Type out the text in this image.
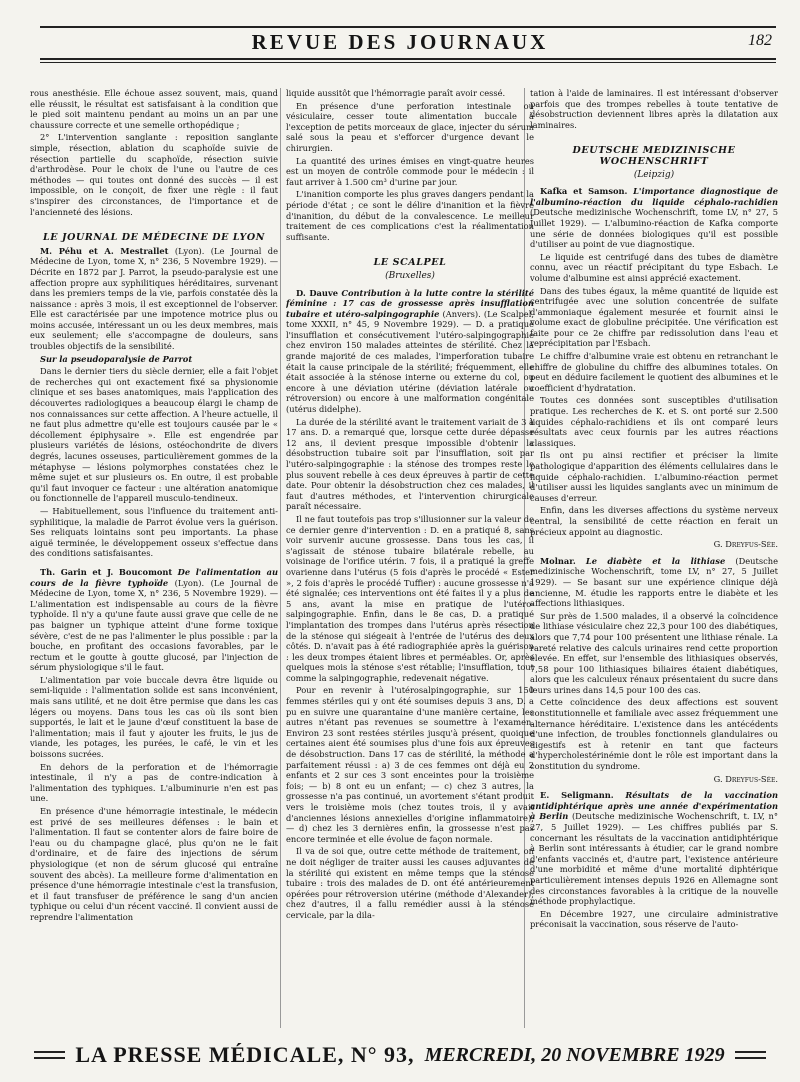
REVUE DES JOURNAUX	182

rous anesthésie. Elle échoue assez souvent, mais, quand elle réussit, le résultat est satisfaisant à la condition que le pied soit maintenu pendant au moins un an par une chaussure correcte et une semelle orthopédique ;

2° L'intervention sanglante : reposition sanglante simple, résection, ablation du scaphoïde suivie de résection partielle du scaphoïde, résection suivie d'arthrodèse. Pour le choix de l'une ou l'autre de ces méthodes — qui toutes ont donné des succès — il est impossible, on le conçoit, de fixer une règle : il faut s'inspirer des circonstances, de l'importance et de l'ancienneté des lésions.

LE JOURNAL DE MÉDECINE DE LYON

M. Péhu et A. Mestrallet (Lyon). (Le Journal de Médecine de Lyon, tome X, n° 236, 5 Novembre 1929). — Décrite en 1872 par J. Parrot, la pseudo-paralysie est une affection propre aux syphilitiques héréditaires, survenant dans les premiers temps de la vie, parfois constatée dès la naissance : après 3 mois, il est exceptionnel de l'observer. Elle est caractérisée par une impotence motrice plus ou moins accusée, intéressant un ou les deux membres, mais eux seulement; elle s'accompagne de douleurs, sans troubles objectifs de la sensibilité.

Sur la pseudoparalysie de Parrot

Dans le dernier tiers du siècle dernier, elle a fait l'objet de recherches qui ont exactement fixé sa physionomie clinique et ses bases anatomiques, mais l'application des découvertes radiologiques a beaucoup élargi le champ de nos connaissances sur cette affection. A l'heure actuelle, il ne faut plus admettre qu'elle est toujours causée par le « décollement épiphysaire ». Elle est engendrée par plusieurs variétés de lésions, ostéochondrite de divers degrés, lacunes osseuses, particulièrement gommes de la métaphyse — lésions polymorphes constatées chez le même sujet et sur plusieurs os. En outre, il est probable qu'il faut invoquer ce facteur : une altération anatomique ou fonctionnelle de l'appareil musculo-tendineux.

— Habituellement, sous l'influence du traitement anti-syphilitique, la maladie de Parrot évolue vers la guérison. Ses reliquats lointains sont peu importants. La phase aiguë terminée, le développement osseux s'effectue dans des conditions satisfaisantes.

Th. Garin et J. Boucomont De l'alimentation au cours de la fièvre typhoïde (Lyon). (Le Journal de Médecine de Lyon, tome X, n° 236, 5 Novembre 1929). — L'alimentation est indispensable au cours de la fièvre typhoïde. Il n'y a qu'une faute aussi grave que celle de ne pas baigner un typhique atteint d'une forme toxique sévère, c'est de ne pas l'alimenter le plus possible : par la bouche, en profitant des occasions favorables, par le rectum et le goutte à goutte glucosé, par l'injection de sérum physiologique s'il le faut.

L'alimentation par voie buccale devra être liquide ou semi-liquide : l'alimentation solide est sans inconvénient, mais sans utilité, et ne doit être permise que dans les cas légers ou moyens. Dans tous les cas où ils sont bien supportés, le lait et le jaune d'œuf constituent la base de l'alimentation; mais il faut y ajouter les fruits, le jus de viande, les potages, les purées, le café, le vin et les boissons sucrées.

En dehors de la perforation et de l'hémorragie intestinale, il n'y a pas de contre-indication à l'alimentation des typhiques. L'albuminurie n'en est pas une.

En présence d'une hémorragie intestinale, le médecin est privé de ses meilleures défenses : le bain et l'alimentation. Il faut se contenter alors de faire boire de l'eau ou du champagne glacé, plus qu'on ne le fait d'ordinaire, et de faire des injections de sérum physiologique (et non de sérum glucosé qui entraîne souvent des abcès). La meilleure forme d'alimentation en présence d'une hémorragie intestinale c'est la transfusion, et il faut transfuser de préférence le sang d'un ancien typhique ou celui d'un récent vacciné. Il convient aussi de reprendre l'alimentation

liquide aussitôt que l'hémorragie paraît avoir cessé.

En présence d'une perforation intestinale ou vésiculaire, cesser toute alimentation buccale à l'exception de petits morceaux de glace, injecter du sérum salé sous la peau et s'efforcer d'urgence devant le chirurgien.

La quantité des urines émises en vingt-quatre heures est un moyen de contrôle commode pour le médecin : il faut arriver à 1.500 cm³ d'urine par jour.

L'inanition comporte les plus graves dangers pendant la période d'état ; ce sont le délire d'inanition et la fièvre d'inanition, du début de la convalescence. Le meilleur traitement de ces complications c'est la réalimentation suffisante.

LE SCALPEL
(Bruxelles)

D. Dauve Contribution à la lutte contre la stérilité féminine : 17 cas de grossesse après insufflation tubaire et utéro-salpingographie (Anvers). (Le Scalpel, tome XXXII, n° 45, 9 Novembre 1929). — D. a pratiqué l'insufflation et consécutivement l'utéro-salpingographie chez environ 150 malades atteintes de stérilité. Chez la grande majorité de ces malades, l'imperforation tubaire était la cause principale de la stérilité; fréquemment, elle était associée à la sténose interne ou externe du col, ou encore à une déviation utérine (déviation latérale ou rétroversion) ou encore à une malformation congénitale (utérus didelphe).

La durée de la stérilité avant le traitement variait de 3 à 17 ans. D. a remarqué que, lorsque cette durée dépasse 12 ans, il devient presque impossible d'obtenir la désobstruction tubaire soit par l'insufflation, soit par l'utéro-salpingographie : la sténose des trompes reste le plus souvent rebelle à ces deux épreuves à partir de cette date. Pour obtenir la désobstruction chez ces malades, il faut d'autres méthodes, et l'intervention chirurgicale paraît nécessaire.

Il ne faut toutefois pas trop s'illusionner sur la valeur de ce dernier genre d'intervention : D. en a pratiqué 8, sans voir survenir aucune grossesse. Dans tous les cas, il s'agissait de sténose tubaire bilatérale rebelle, au voisinage de l'orifice utérin. 7 fois, il a pratiqué la greffe ovarienne dans l'utérus (5 fois d'après le procédé « Ester », 2 fois d'après le procédé Tuffier) : aucune grossesse n'a été signalée; ces interventions ont été faites il y a plus de 5 ans, avant la mise en pratique de l'utéro-salpingographie. Enfin, dans le 8e cas, D. a pratiqué l'implantation des trompes dans l'utérus après résection de la sténose qui siégeait à l'entrée de l'utérus des deux côtés. D. n'avait pas à été radiographiée après la guérison : les deux trompes étaient libres et perméables. Or, après quelques mois la sténose s'est rétablie; l'insufflation, tout comme la salpingographie, redevenait négative.

Pour en revenir à l'utérosalpingographie, sur 150 femmes stériles qui y ont été soumises depuis 3 ans, D. a pu en suivre une quarantaine d'une manière certaine, les autres n'étant pas revenues se soumettre à l'examen. Environ 23 sont restées stériles jusqu'à présent, quoique certaines aient été soumises plus d'une fois aux épreuves de désobstruction. Dans 17 cas de stérilité, la méthode a parfaitement réussi : a) 3 de ces femmes ont déjà eu 2 enfants et 2 sur ces 3 sont enceintes pour la troisième fois; — b) 8 ont eu un enfant; — c) chez 3 autres, la grossesse n'a pas continué, un avortement s'étant produit vers le troisième mois (chez toutes trois, il y avait d'anciennes lésions annexielles d'origine inflammatoire); — d) chez les 3 dernières enfin, la grossesse n'est pas encore terminée et elle évolue de façon normale.

Il va de soi que, outre cette méthode de traitement, on ne doit négliger de traiter aussi les causes adjuvantes de la stérilité qui existent en même temps que la sténose tubaire : trois des malades de D. ont été antérieurement opérées pour rétroversion utérine (méthode d'Alexander); chez d'autres, il a fallu remédier aussi à la sténose cervicale, par la dila-

tation à l'aide de laminaires. Il est intéressant d'observer parfois que des trompes rebelles à toute tentative de désobstruction deviennent libres après la dilatation aux laminaires.

DEUTSCHE MEDIZINISCHE WOCHENSCHRIFT
(Leipzig)

Kafka et Samson. L'importance diagnostique de l'albumino-réaction du liquide céphalo-rachidien (Deutsche medizinische Wochenschrift, tome LV, n° 27, 5 Juillet 1929). — L'albumino-réaction de Kafka comporte une série de données biologiques qu'il est possible d'utiliser au point de vue diagnostique.

Le liquide est centrifugé dans des tubes de diamètre connu, avec un réactif précipitant du type Esbach. Le volume d'albumine est ainsi apprécié exactement.

Dans des tubes égaux, la même quantité de liquide est centrifugée avec une solution concentrée de sulfate d'ammoniaque également mesurée et fournit ainsi le volume exact de globuline précipitée. Une vérification est faite pour ce 2e chiffre par redissolution dans l'eau et reprécipitation par l'Esbach.

Le chiffre d'albumine vraie est obtenu en retranchant le chiffre de globuline du chiffre des albumines totales. On peut en déduire facilement le quotient des albumines et le coefficient d'hydratation.

Toutes ces données sont susceptibles d'utilisation pratique. Les recherches de K. et S. ont porté sur 2.500 liquides céphalo-rachidiens et ils ont comparé leurs résultats avec ceux fournis par les autres réactions classiques.

Ils ont pu ainsi rectifier et préciser la limite pathologique d'apparition des éléments cellulaires dans le liquide céphalo-rachidien. L'albumino-réaction permet d'utiliser aussi les liquides sanglants avec un minimum de causes d'erreur.

Enfin, dans les diverses affections du système nerveux central, la sensibilité de cette réaction en ferait un précieux appoint au diagnostic.

G. Dreyfus-Sée.

Molnar. Le diabète et la lithiase (Deutsche medizinische Wochenschrift, tome LV, n° 27, 5 Juillet 1929). — Se basant sur une expérience clinique déjà ancienne, M. étudie les rapports entre le diabète et les affections lithiasiques.

Sur près de 1.500 malades, il a observé la coïncidence de lithiase vésiculaire chez 22,3 pour 100 des diabétiques, alors que 7,74 pour 100 présentent une lithiase rénale. La rareté relative des calculs urinaires rend cette proportion élevée. En effet, sur l'ensemble des lithiasiques observés, 7,58 pour 100 lithiasiques biliaires étaient diabétiques, alors que les calculeux rénaux présentaient du sucre dans leurs urines dans 14,5 pour 100 des cas.

Cette coïncidence des deux affections est souvent constitutionnelle et familiale avec assez fréquemment une alternance héréditaire. L'existence dans les antécédents d'une infection, de troubles fonctionnels glandulaires ou digestifs est à retenir en tant que facteurs d'hypercholestérinémie dont le rôle est important dans la constitution du syndrome.

G. Dreyfus-Sée.

E. Seligmann. Résultats de la vaccination antidiphtérique après une année d'expérimentation à Berlin (Deutsche medizinische Wochenschrift, t. LV, n° 27, 5 Juillet 1929). — Les chiffres publiés par S. concernant les résultats de la vaccination antidiphtérique à Berlin sont intéressants à étudier, car le grand nombre d'enfants vaccinés et, d'autre part, l'existence antérieure d'une morbidité et même d'une mortalité diphtérique particulièrement intenses depuis 1926 en Allemagne sont des circonstances favorables à la critique de la nouvelle méthode prophylactique.

En Décembre 1927, une circulaire administrative préconisait la vaccination, sous réserve de l'auto-

LA PRESSE MÉDICALE, N° 93, MERCREDI, 20 NOVEMBRE 1929
